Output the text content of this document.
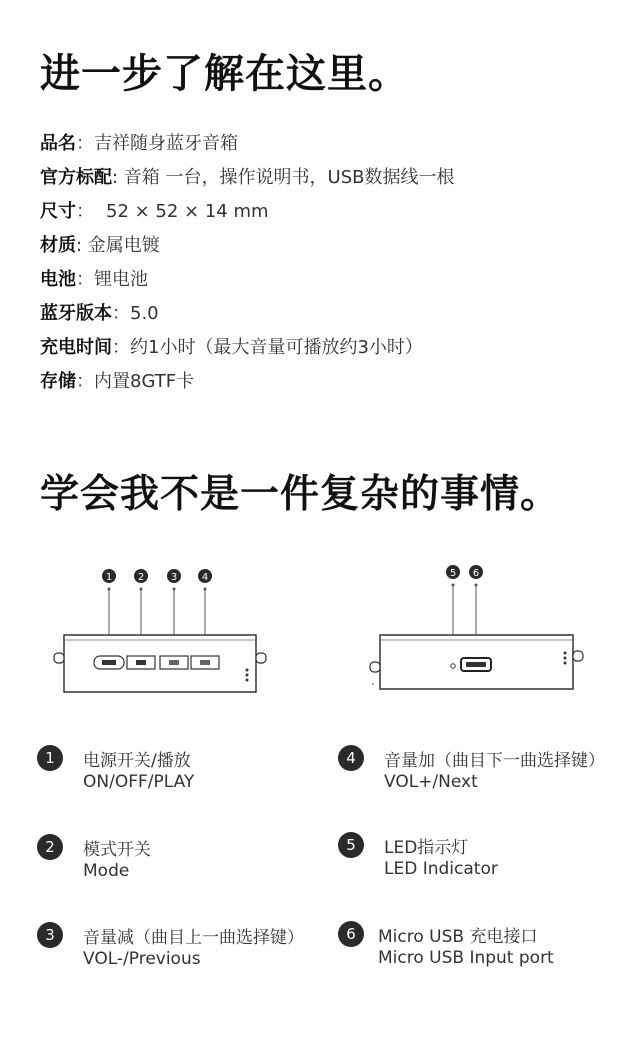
进一步了解在这里。
品名：吉祥随身蓝牙音箱
官方标配: 音箱 一台，操作说明书，USB数据线一根
尺寸： 52 × 52 × 14 mm
材质: 金属电镀
电池：锂电池
蓝牙版本：5.0
充电时间：约1小时（最大音量可播放约3小时）
存储：内置8GTF卡
学会我不是一件复杂的事情。
1	2	3 4	5 6
1	电源开关/播放
ON/OFF/PLAY
4	音量加（曲目下一曲选择键）
VOL+/Next
2	模式开关
Mode
5	LED指示灯
LED Indicator
3	音量减（曲目上一曲选择键）
VOL-/Previous
6	Micro USB 充电接口
Micro USB Input port
